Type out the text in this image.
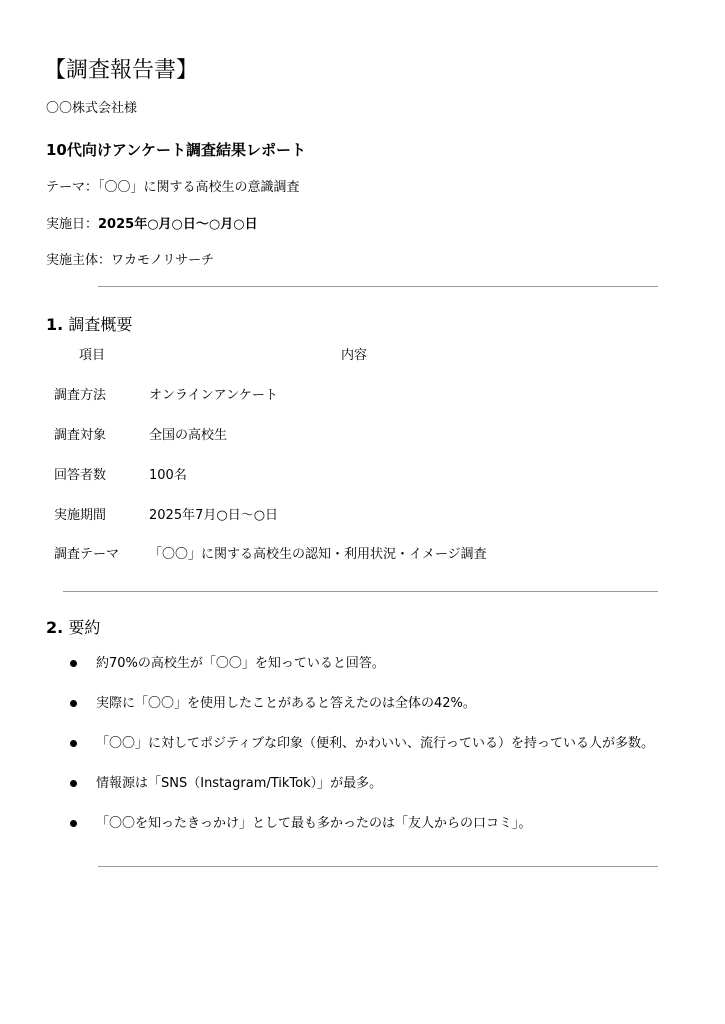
【調査報告書】
〇〇株式会社様
10代向けアンケート調査結果レポート
テーマ：「〇〇」に関する高校生の意識調査
実施日：2025年○月○日～○月○日
実施主体：ワカモノリサーチ
1. 調査概要
項目	内容
調査方法	オンラインアンケート
調査対象	全国の高校生
回答者数	100名
実施期間	2025年7月○日～○日
調査テーマ 「〇〇」に関する高校生の認知・利用状況・イメージ調査
2. 要約
約70%の高校生が「〇〇」を知っていると回答。
実際に「〇〇」を使用したことがあると答えたのは全体の42%。
「〇〇」に対してポジティブな印象（便利、かわいい、流行っている）を持っている人が多数。
情報源は「SNS（Instagram/TikTok）」が最多。
「〇〇を知ったきっかけ」として最も多かったのは「友人からの口コミ」。
